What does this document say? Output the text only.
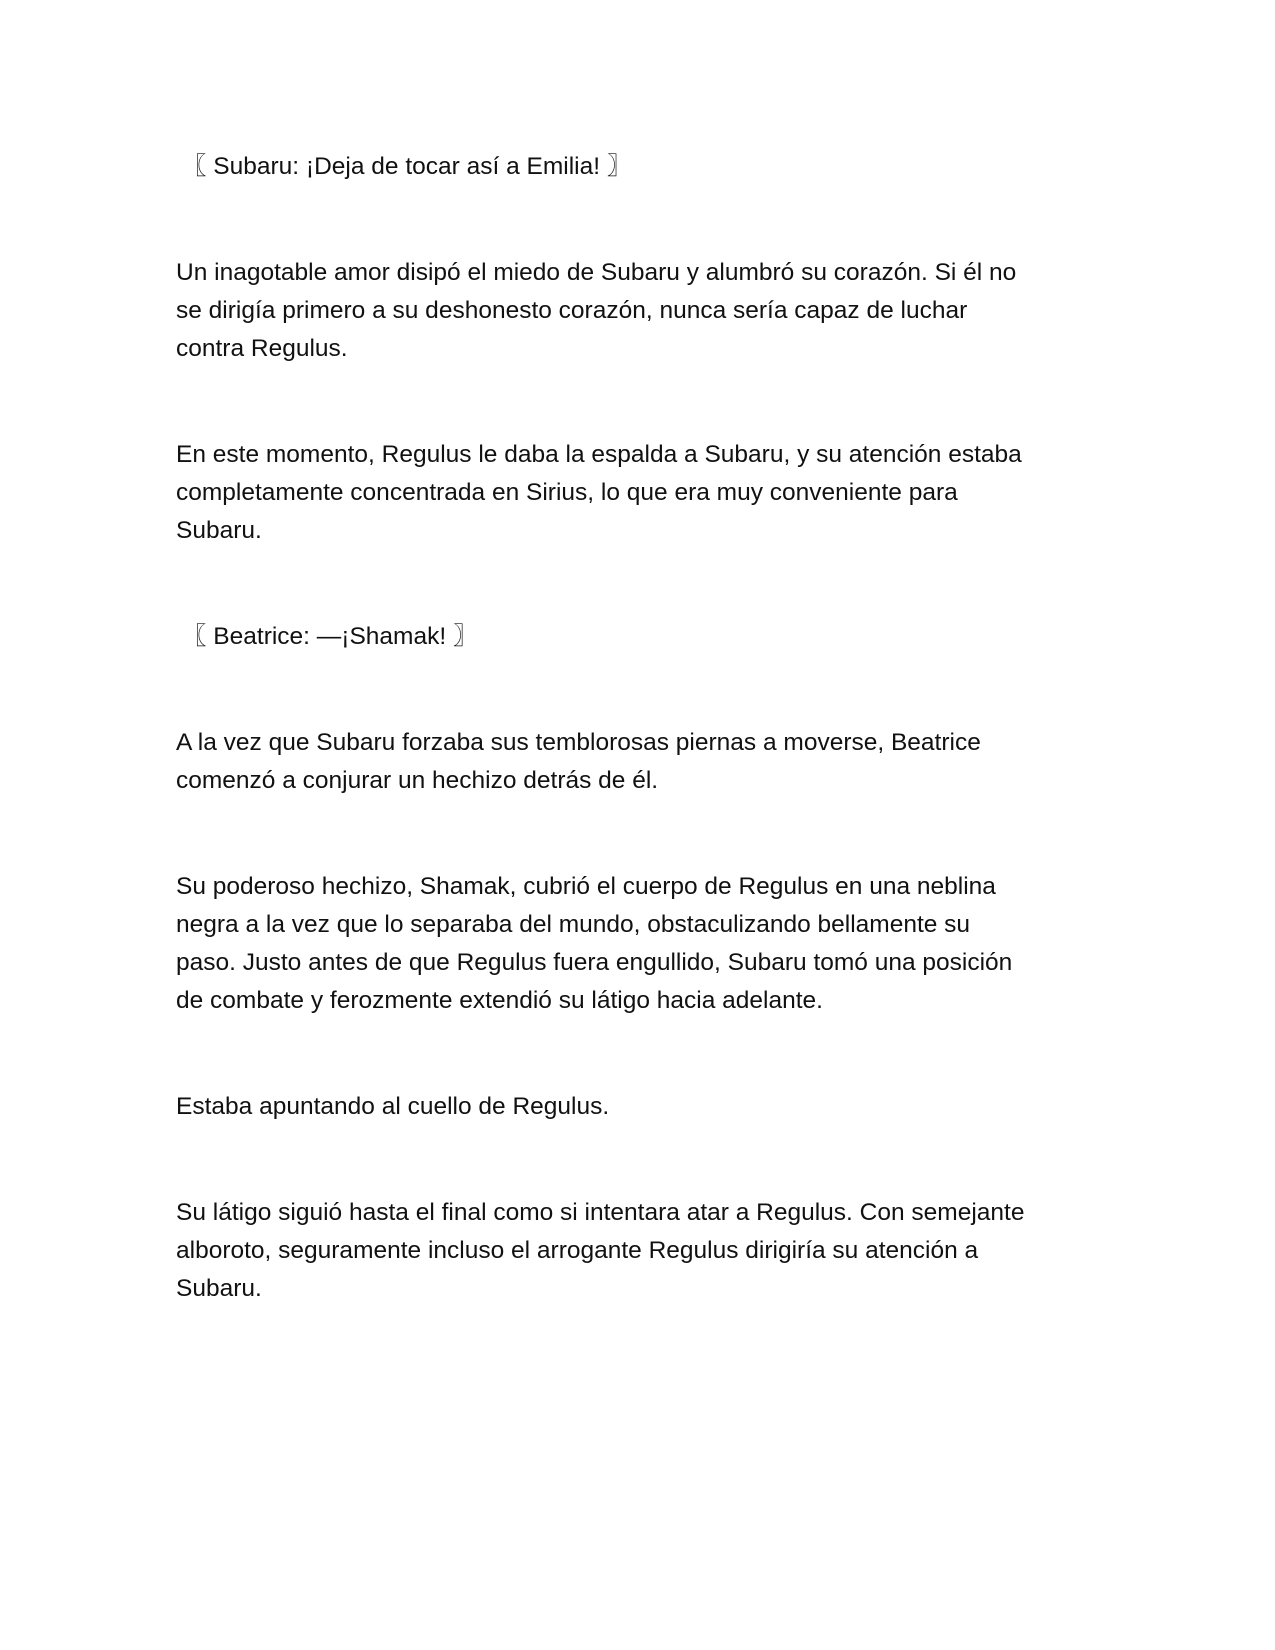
〖 Subaru: ¡Deja de tocar así a Emilia! 〗

Un inagotable amor disipó el miedo de Subaru y alumbró su corazón. Si él no
se dirigía primero a su deshonesto corazón, nunca sería capaz de luchar
contra Regulus.

En este momento, Regulus le daba la espalda a Subaru, y su atención estaba
completamente concentrada en Sirius, lo que era muy conveniente para
Subaru.

〖 Beatrice: —¡Shamak! 〗

A la vez que Subaru forzaba sus temblorosas piernas a moverse, Beatrice
comenzó a conjurar un hechizo detrás de él.

Su poderoso hechizo, Shamak, cubrió el cuerpo de Regulus en una neblina
negra a la vez que lo separaba del mundo, obstaculizando bellamente su
paso. Justo antes de que Regulus fuera engullido, Subaru tomó una posición
de combate y ferozmente extendió su látigo hacia adelante.

Estaba apuntando al cuello de Regulus.

Su látigo siguió hasta el final como si intentara atar a Regulus. Con semejante
alboroto, seguramente incluso el arrogante Regulus dirigiría su atención a
Subaru.
